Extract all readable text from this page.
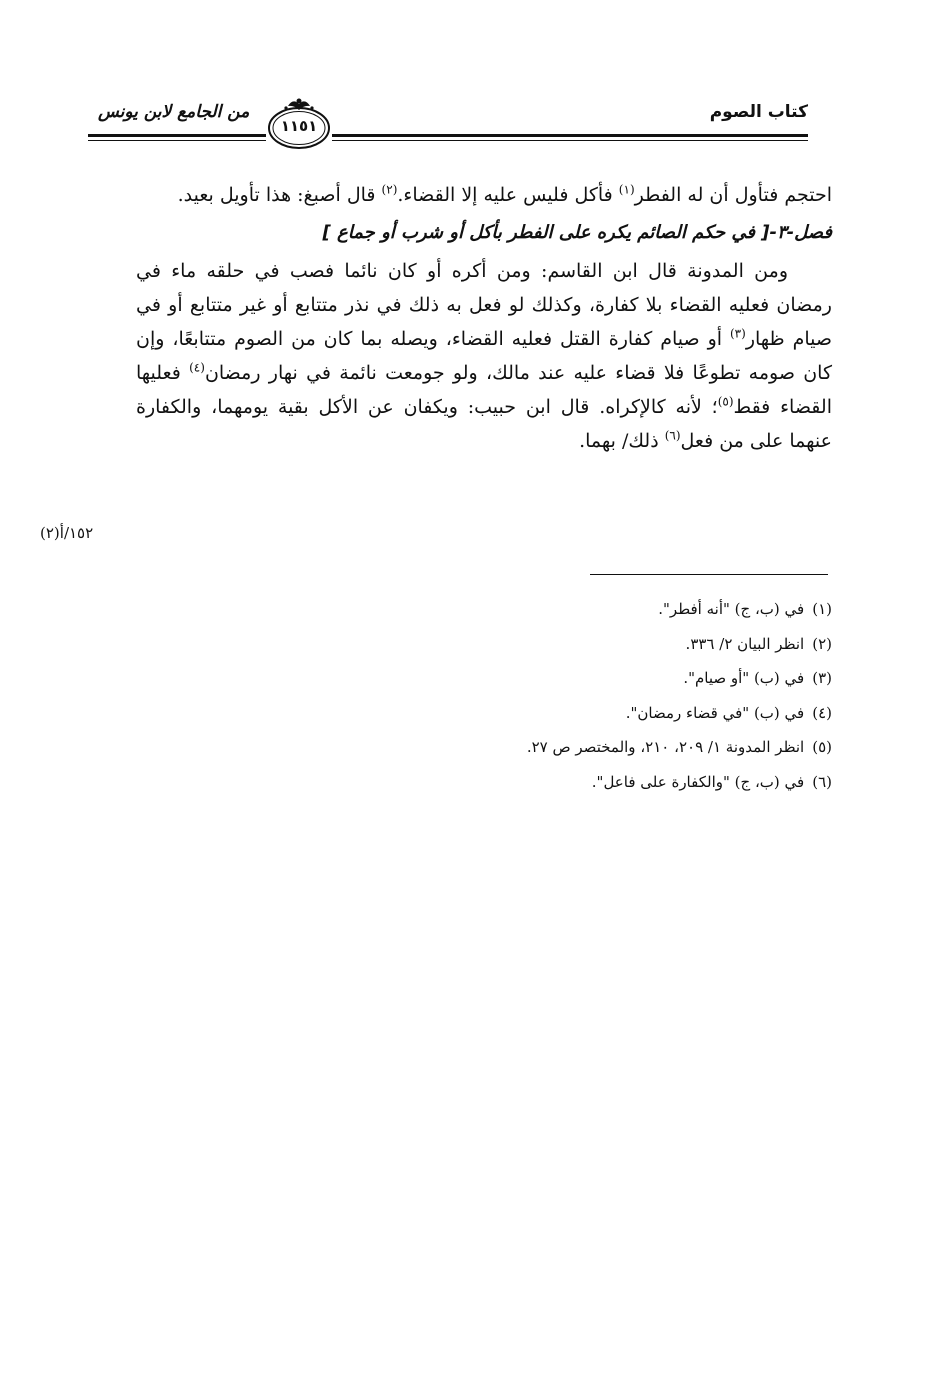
كتاب الصوم
من الجامع لابن يونس
١١٥١

احتجم فتأول أن له الفطر$^{(١)}$ فأكل فليس عليه إلا القضاء.$^{(٢)}$ قال أصبغ: هذا تأويل بعيد.

فصل-٣-[ في حكم الصائم يكره على الفطر بأكل أو شرب أو جماع ]

ومن المدونة قال ابن القاسم: ومن أكره أو كان نائما فصب في حلقه ماء في رمضان فعليه القضاء بلا كفارة، وكذلك لو فعل به ذلك في نذر متتابع أو غير متتابع أو في صيام ظهار$^{(٣)}$ أو صيام كفارة القتل فعليه القضاء، ويصله بما كان من الصوم متتابعًا، وإن كان صومه تطوعًا فلا قضاء عليه عند مالك، ولو جومعت نائمة في نهار رمضان$^{(٤)}$ فعليها القضاء فقط$^{(٥)}$؛ لأنه كالإكراه. قال ابن حبيب: ويكفان عن الأكل بقية يومهما، والكفارة عنهما على من فعل$^{(٦)}$ ذلك/ بهما.

١٥٢/أ(٢)
(١)في (ب، ج) "أنه أفطر".
(٢)انظر البيان ٢/ ٣٣٦.
(٣)في (ب) "أو صيام".
(٤)في (ب) "في قضاء رمضان".
(٥)انظر المدونة ١/ ٢٠٩، ٢١٠، والمختصر ص ٢٧.
(٦)في (ب، ج) "والكفارة على فاعل".
